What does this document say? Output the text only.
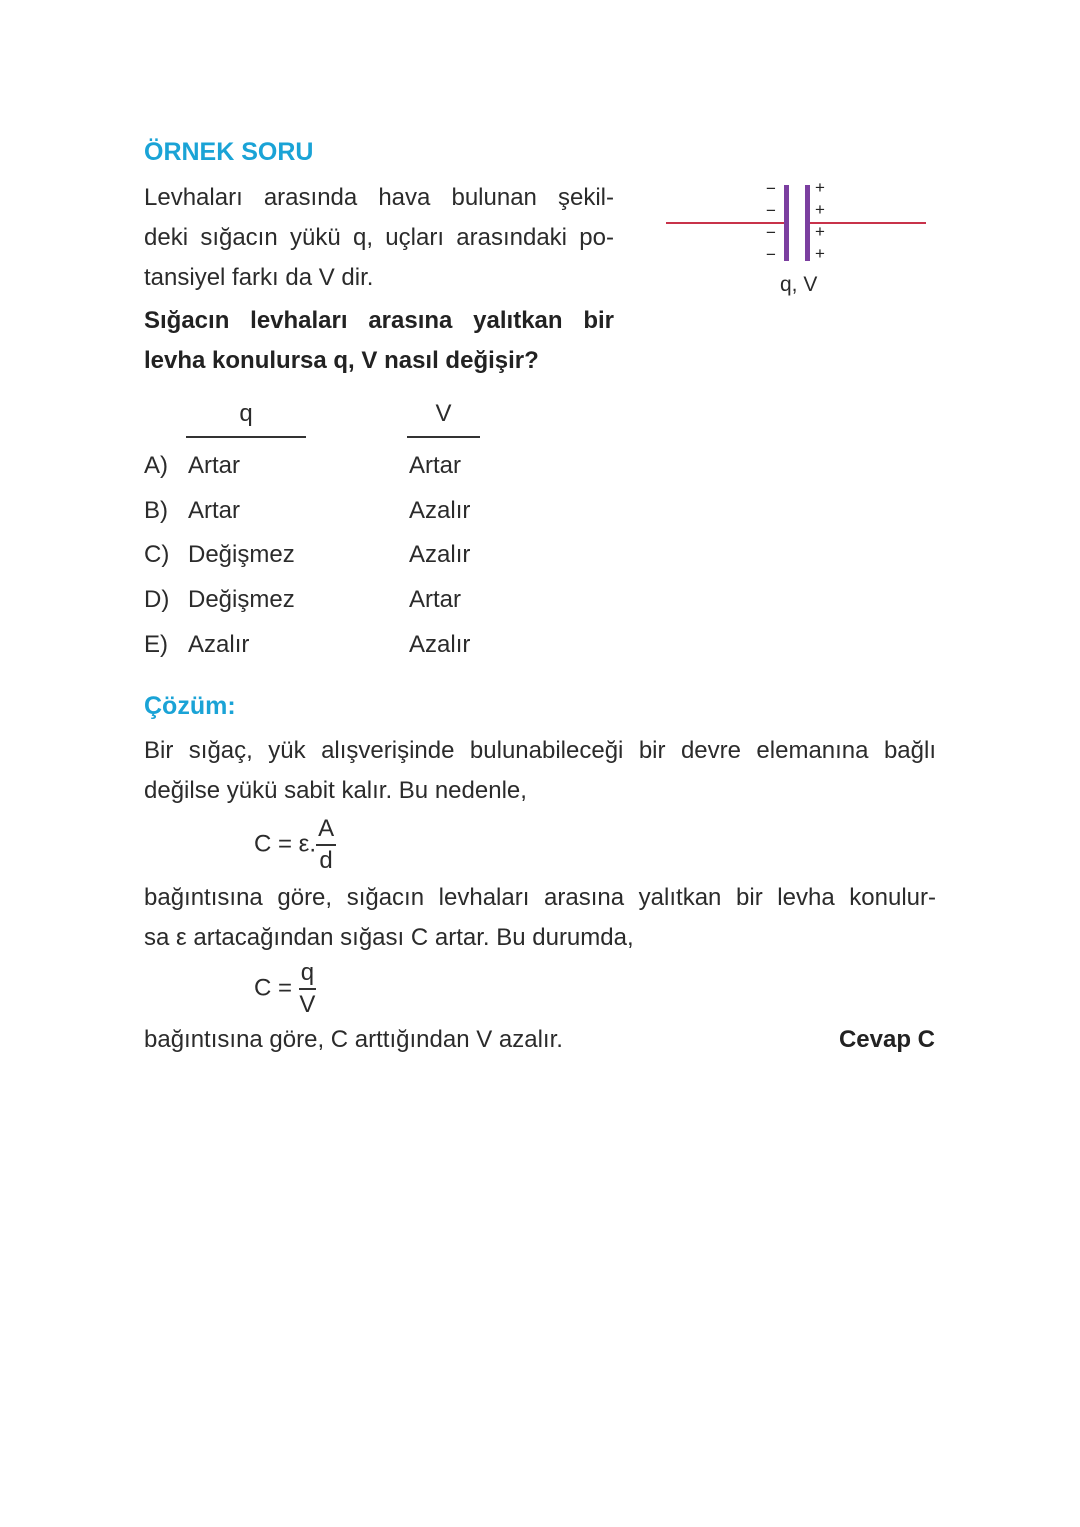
ÖRNEK SORU
Levhaları arasında hava bulunan şekil-
deki sığacın yükü q, uçları arasındaki po-
tansiyel farkı da V dir.
Sığacın levhaları arasına yalıtkan bir
levha konulursa q, V nasıl değişir?
−
−
−
−
+
+
+
+
q, V
q	V
A) Artar	Artar
B) Artar	Azalır
C) Değişmez	Azalır
D) Değişmez	Artar
E) Azalır	Azalır
Çözüm:
Bir sığaç, yük alışverişinde bulunabileceği bir devre elemanına bağlı
değilse yükü sabit kalır. Bu nedenle,
C = ε. $\frac{A}{d}$
bağıntısına göre, sığacın levhaları arasına yalıtkan bir levha konulur-
sa ε artacağından sığası C artar. Bu durumda,
$C = \frac{q}{V}$
bağıntısına göre, C arttığından V azalır.	Cevap C
